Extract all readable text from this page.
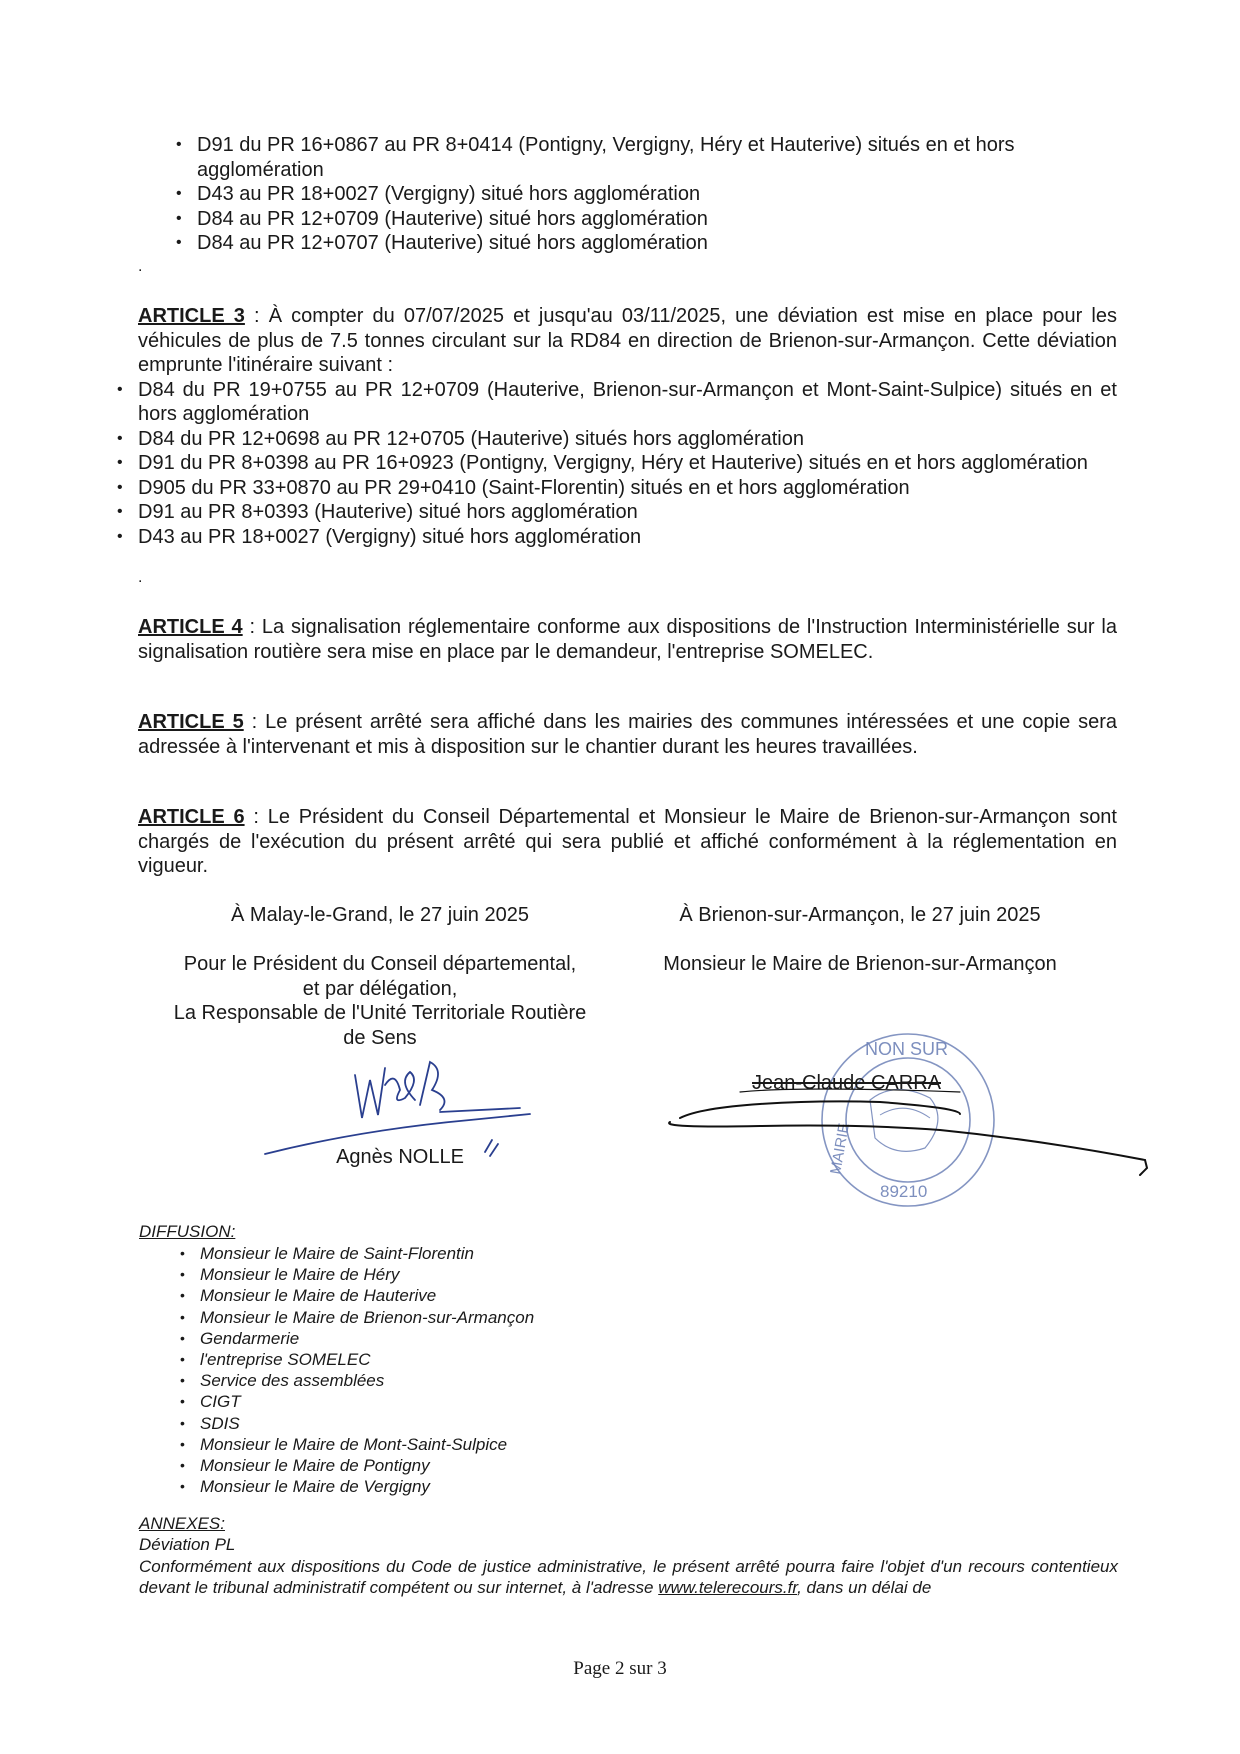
• D91 du PR 16+0867 au PR 8+0414 (Pontigny, Vergigny, Héry et Hauterive) situés en et hors agglomération
• D43 au PR 18+0027 (Vergigny) situé hors agglomération
• D84 au PR 12+0709 (Hauterive) situé hors agglomération
• D84 au PR 12+0707 (Hauterive) situé hors agglomération
.
ARTICLE 3 : À compter du 07/07/2025 et jusqu'au 03/11/2025, une déviation est mise en place pour les véhicules de plus de 7.5 tonnes circulant sur la RD84 en direction de Brienon-sur-Armançon. Cette déviation emprunte l'itinéraire suivant :
• D84 du PR 19+0755 au PR 12+0709 (Hauterive, Brienon-sur-Armançon et Mont-Saint-Sulpice) situés en et hors agglomération
• D84 du PR 12+0698 au PR 12+0705 (Hauterive) situés hors agglomération
• D91 du PR 8+0398 au PR 16+0923 (Pontigny, Vergigny, Héry et Hauterive) situés en et hors agglomération
• D905 du PR 33+0870 au PR 29+0410 (Saint-Florentin) situés en et hors agglomération
• D91 au PR 8+0393 (Hauterive) situé hors agglomération
• D43 au PR 18+0027 (Vergigny) situé hors agglomération
.
ARTICLE 4 : La signalisation réglementaire conforme aux dispositions de l'Instruction Interministérielle sur la signalisation routière sera mise en place par le demandeur, l'entreprise SOMELEC.
ARTICLE 5 : Le présent arrêté sera affiché dans les mairies des communes intéressées et une copie sera adressée à l'intervenant et mis à disposition sur le chantier durant les heures travaillées.
ARTICLE 6 : Le Président du Conseil Départemental et Monsieur le Maire de Brienon-sur-Armançon sont chargés de l'exécution du présent arrêté qui sera publié et affiché conformément à la réglementation en vigueur.
À Malay-le-Grand, le 27 juin 2025	À Brienon-sur-Armançon, le 27 juin 2025
Pour le Président du Conseil départemental,
et par délégation,
La Responsable de l'Unité Territoriale Routière
de Sens
Monsieur le Maire de Brienon-sur-Armançon
Agnès NOLLE
NON SUR
MAIRIE
89210
Jean-Claude CARRA
DIFFUSION:
• Monsieur le Maire de Saint-Florentin
• Monsieur le Maire de Héry
• Monsieur le Maire de Hauterive
• Monsieur le Maire de Brienon-sur-Armançon
• Gendarmerie
• l'entreprise SOMELEC
• Service des assemblées
• CIGT
• SDIS
• Monsieur le Maire de Mont-Saint-Sulpice
• Monsieur le Maire de Pontigny
• Monsieur le Maire de Vergigny
ANNEXES:
Déviation PL
Conformément aux dispositions du Code de justice administrative, le présent arrêté pourra faire l'objet d'un recours contentieux devant le tribunal administratif compétent ou sur internet, à l'adresse www.telerecours.fr, dans un délai de
Page 2 sur 3
